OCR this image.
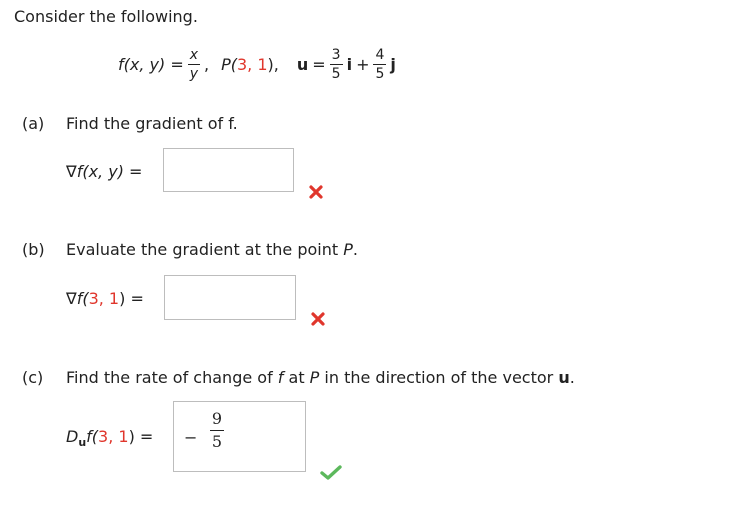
Consider the following.
f(x, $y) = \frac{x}{y}$ , P(3, 1), $u = \frac{3}{5}$ $i + \frac{4}{5}$ j
(a) Find the gradient of f.
∇f(x, y) =
(b) Evaluate the gradient at the point P.
∇f(3, 1) =
(c) Find the rate of change of f at P in the direction of the vector u.
$D_uf(3$, 1) = − $\frac{9}{5}$
